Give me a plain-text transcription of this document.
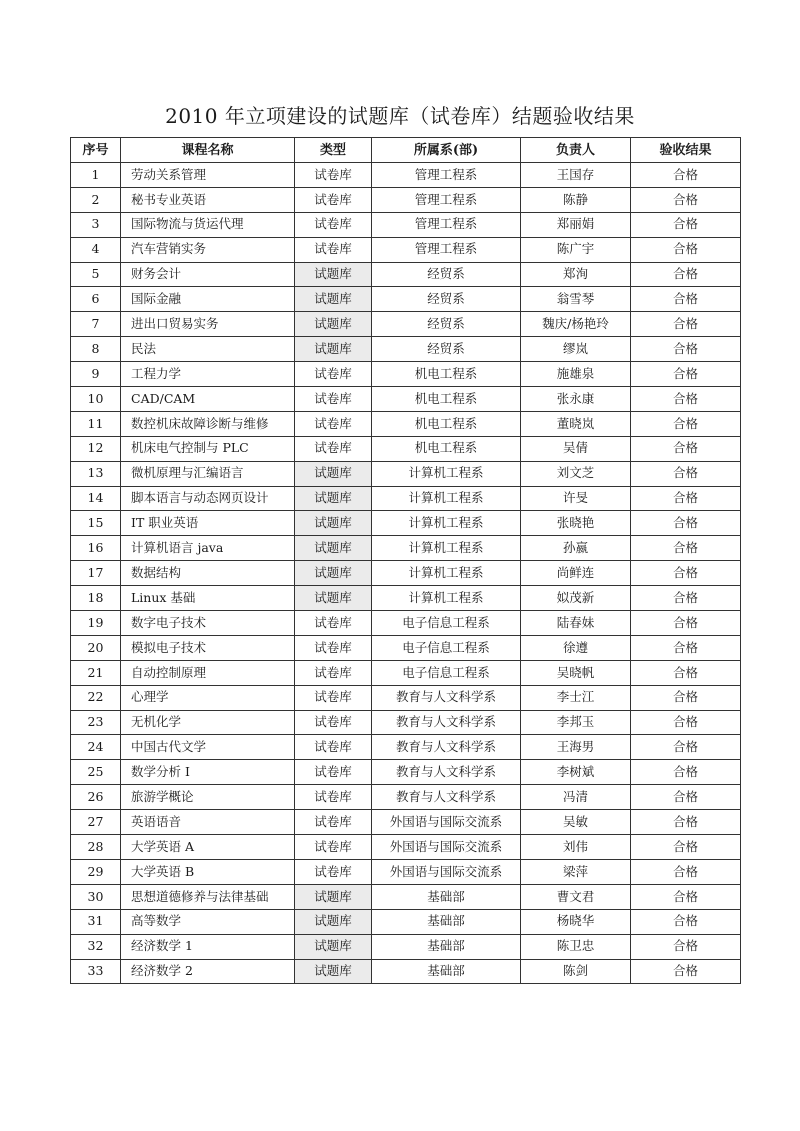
2010 年立项建设的试题库（试卷库）结题验收结果
序号	课程名称	类型	所属系(部)	负责人	验收结果
1	劳动关系管理	试卷库	管理工程系	王国存	合格
2	秘书专业英语	试卷库	管理工程系	陈静	合格
3	国际物流与货运代理	试卷库	管理工程系	郑丽娟	合格
4	汽车营销实务	试卷库	管理工程系	陈广宇	合格
5	财务会计	试题库	经贸系	郑洵	合格
6	国际金融	试题库	经贸系	翁雪琴	合格
7	进出口贸易实务	试题库	经贸系	魏庆/杨艳玲	合格
8	民法	试题库	经贸系	缪岚	合格
9	工程力学	试卷库	机电工程系	施雄泉	合格
10	CAD/CAM	试卷库	机电工程系	张永康	合格
11	数控机床故障诊断与维修	试卷库	机电工程系	董晓岚	合格
12	机床电气控制与 PLC	试卷库	机电工程系	吴倩	合格
13	微机原理与汇编语言	试题库	计算机工程系	刘文芝	合格
14	脚本语言与动态网页设计	试题库	计算机工程系	许旻	合格
15	IT 职业英语	试题库	计算机工程系	张晓艳	合格
16	计算机语言 java	试题库	计算机工程系	孙嬴	合格
17	数据结构	试题库	计算机工程系	尚鲜连	合格
18	Linux 基础	试题库	计算机工程系	姒茂新	合格
19	数字电子技术	试卷库	电子信息工程系	陆春妹	合格
20	模拟电子技术	试卷库	电子信息工程系	徐遵	合格
21	自动控制原理	试卷库	电子信息工程系	吴晓帆	合格
22	心理学	试卷库	教育与人文科学系	李士江	合格
23	无机化学	试卷库	教育与人文科学系	李邦玉	合格
24	中国古代文学	试卷库	教育与人文科学系	王海男	合格
25	数学分析 I	试卷库	教育与人文科学系	李树斌	合格
26	旅游学概论	试卷库	教育与人文科学系	冯清	合格
27	英语语音	试卷库	外国语与国际交流系	吴敏	合格
28	大学英语 A	试卷库	外国语与国际交流系	刘伟	合格
29	大学英语 B	试卷库	外国语与国际交流系	梁萍	合格
30	思想道德修养与法律基础	试题库	基础部	曹文君	合格
31	高等数学	试题库	基础部	杨晓华	合格
32	经济数学 1	试题库	基础部	陈卫忠	合格
33	经济数学 2	试题库	基础部	陈剑	合格
